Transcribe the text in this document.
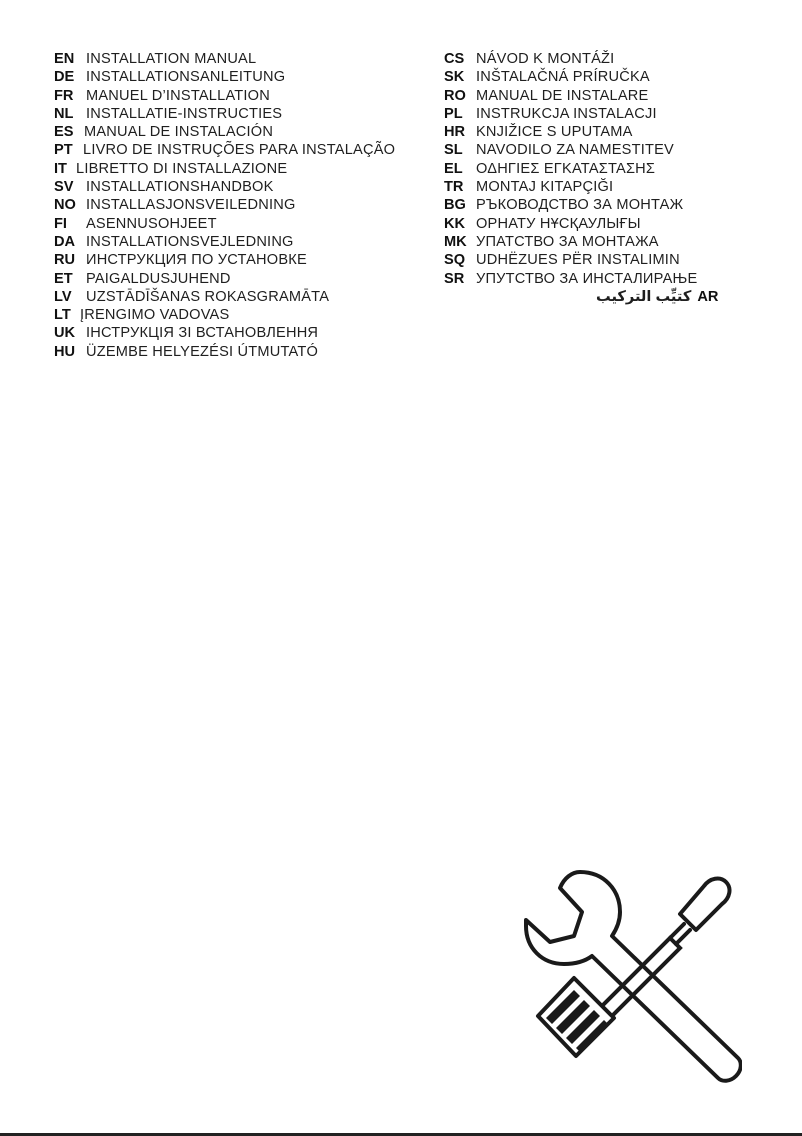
EN INSTALLATION MANUAL
DE INSTALLATIONSANLEITUNG
FR MANUEL D’INSTALLATION
NL INSTALLATIE-INSTRUCTIES
ES MANUAL DE INSTALACIÓN
PT LIVRO DE INSTRUÇÕES PARA INSTALAÇÃO
IT LIBRETTO DI INSTALLAZIONE
SV INSTALLATIONSHANDBOK
NO INSTALLASJONSVEILEDNING
FI	ASENNUSOHJEET
DA INSTALLATIONSVEJLEDNING
RU ИНСТРУКЦИЯ ПО УСТАНОВКЕ
ET PAIGALDUSJUHEND
LV UZSTĀDĪŠANAS ROKASGRAMĀTA
LT ĮRENGIMO VADOVAS
UK ІНСТРУКЦІЯ ЗІ ВСТАНОВЛЕННЯ
HU ÜZEMBE HELYEZÉSI ÚTMUTATÓ
CS NÁVOD K MONTÁŽI
SK INŠTALAČNÁ PRÍRUČKA
RO MANUAL DE INSTALARE
PL INSTRUKCJA INSTALACJI
HR KNJIŽICE S UPUTAMA
SL NAVODILO ZA NAMESTITEV
EL ΟΔΗΓΙΕΣ ΕΓΚΑΤΑΣΤΑΣΗΣ
TR MONTAJ KITAPÇIĞI
BG РЪКОВОДСТВО ЗА МОНТАЖ
KK ОРНАТУ НҰСҚАУЛЫҒЫ
MK УПАТСТВО ЗА МОНТАЖА
SQ UDHËZUES PËR INSTALIMIN
SR УПУТСТВО ЗА ИНСТАЛИРАЊЕ
AR
كتيِّب التركيب
